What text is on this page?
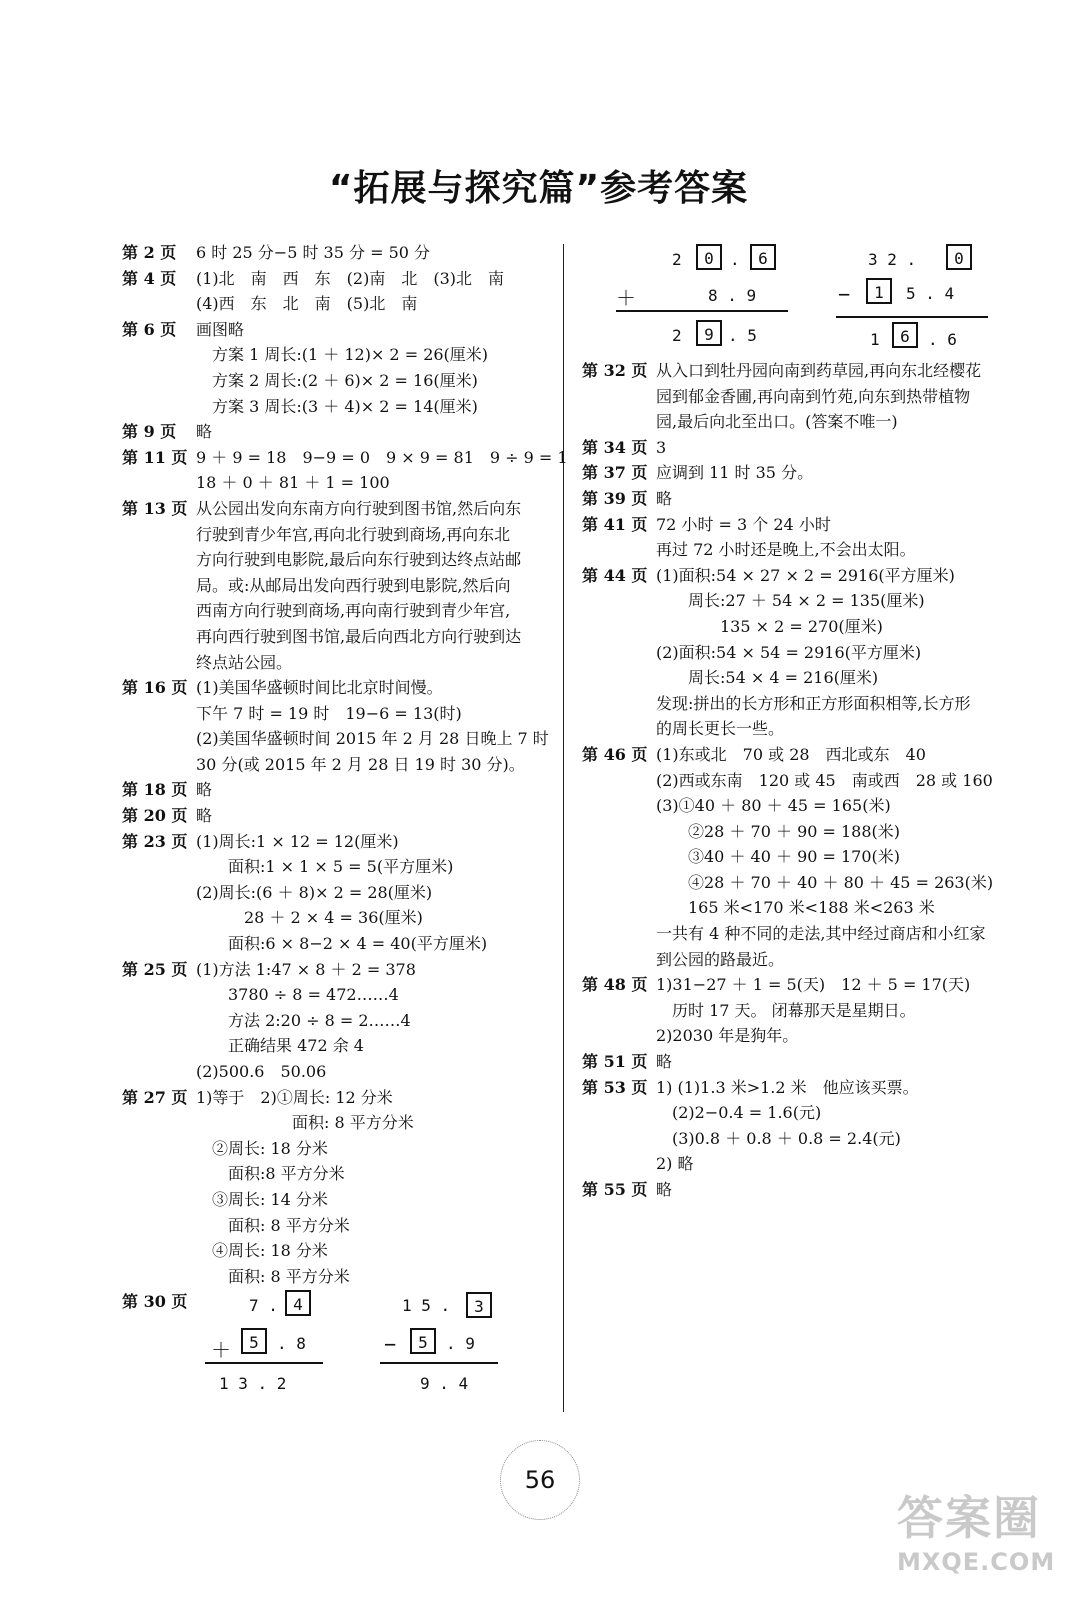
“拓展与探究篇”参考答案
第 2 页	6 时 25 分−5 时 35 分 = 50 分
第 4 页	(1)北　南　西　东　(2)南　北　(3)北　南
(4)西　东　北　南　(5)北　南
第 6 页	画图略
　方案 1 周长:(1 ＋ 12)× 2 = 26(厘米)
　方案 2 周长:(2 ＋ 6)× 2 = 16(厘米)
　方案 3 周长:(3 ＋ 4)× 2 = 14(厘米)
第 9 页	略
第 11 页 9 ＋ 9 = 18　9−9 = 0　9 × 9 = 81　9 ÷ 9 = 1
18 ＋ 0 ＋ 81 ＋ 1 = 100
第 13 页 从公园出发向东南方向行驶到图书馆,然后向东
行驶到青少年宫,再向北行驶到商场,再向东北
方向行驶到电影院,最后向东行驶到达终点站邮
局。或:从邮局出发向西行驶到电影院,然后向
西南方向行驶到商场,再向南行驶到青少年宫,
再向西行驶到图书馆,最后向西北方向行驶到达
终点站公园。
第 16 页 (1)美国华盛顿时间比北京时间慢。
下午 7 时 = 19 时　19−6 = 13(时)
(2)美国华盛顿时间 2015 年 2 月 28 日晚上 7 时
30 分(或 2015 年 2 月 28 日 19 时 30 分)。
第 18 页 略
第 20 页 略
第 23 页 (1)周长:1 × 12 = 12(厘米)
　　面积:1 × 1 × 5 = 5(平方厘米)
(2)周长:(6 ＋ 8)× 2 = 28(厘米)
　　　28 ＋ 2 × 4 = 36(厘米)
　　面积:6 × 8−2 × 4 = 40(平方厘米)
第 25 页 (1)方法 1:47 × 8 ＋ 2 = 378
　　3780 ÷ 8 = 472……4
　　方法 2:20 ÷ 8 = 2……4
　　正确结果 472 余 4
(2)500.6　50.06
第 27 页 1)等于　2)①周长: 12 分米
　　　　　　面积: 8 平方分米
　②周长: 18 分米
　　面积:8 平方分米
　③周长: 14 分米
　　面积: 8 平方分米
　④周长: 18 分米
　　面积: 8 平方分米
第 30 页	7 . 4
＋	5	. 8
1 3 . 2
1 5 .	3
−	5	. 9
9 . 4
2	0	.	6
＋	8 . 9
2	9 . 5
3 2 .	0
−	1	5 . 4
1	6	. 6
第 32 页 从入口到牡丹园向南到药草园,再向东北经樱花
园到郁金香圃,再向南到竹苑,向东到热带植物
园,最后向北至出口。(答案不唯一)
第 34 页 3
第 37 页 应调到 11 时 35 分。
第 39 页 略
第 41 页 72 小时 = 3 个 24 小时
再过 72 小时还是晚上,不会出太阳。
第 44 页 (1)面积:54 × 27 × 2 = 2916(平方厘米)
　　周长:27 ＋ 54 × 2 = 135(厘米)
　　　　135 × 2 = 270(厘米)
(2)面积:54 × 54 = 2916(平方厘米)
　　周长:54 × 4 = 216(厘米)
发现:拼出的长方形和正方形面积相等,长方形
的周长更长一些。
第 46 页 (1)东或北　70 或 28　西北或东　40
(2)西或东南　120 或 45　南或西　28 或 160
(3)①40 ＋ 80 ＋ 45 = 165(米)
　　②28 ＋ 70 ＋ 90 = 188(米)
　　③40 ＋ 40 ＋ 90 = 170(米)
　　④28 ＋ 70 ＋ 40 ＋ 80 ＋ 45 = 263(米)
　　165 米<170 米<188 米<263 米
一共有 4 种不同的走法,其中经过商店和小红家
到公园的路最近。
第 48 页 1)31−27 ＋ 1 = 5(天)　12 ＋ 5 = 17(天)
　历时 17 天。 闭幕那天是星期日。
2)2030 年是狗年。
第 51 页 略
第 53 页 1) (1)1.3 米>1.2 米　他应该买票。
　(2)2−0.4 = 1.6(元)
　(3)0.8 ＋ 0.8 ＋ 0.8 = 2.4(元)
2) 略
第 55 页 略
56
答案圈
MXQE.COM
